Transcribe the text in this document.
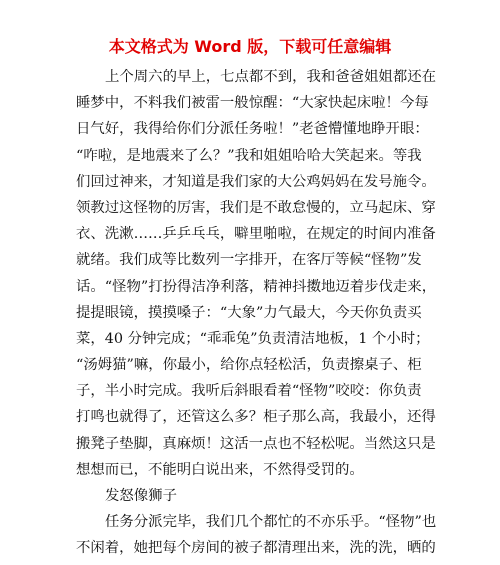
本文格式为 Word 版，下载可任意编辑
上个周六的早上，七点都不到，我和爸爸姐姐都还在
睡梦中，不料我们被雷一般惊醒：“大家快起床啦！今每
日气好，我得给你们分派任务啦！”老爸懵懂地睁开眼：
“咋啦，是地震来了么？”我和姐姐哈哈大笑起来。等我
们回过神来，才知道是我们家的大公鸡妈妈在发号施令。
领教过这怪物的厉害，我们是不敢怠慢的，立马起床、穿
衣、洗漱……乒乒乓乓，噼里啪啦，在规定的时间内准备
就绪。我们成等比数列一字排开，在客厅等候“怪物”发
话。“怪物”打扮得洁净利落，精神抖擞地迈着步伐走来，
提提眼镜，摸摸嗓子：“大象”力气最大，今天你负责买
菜，40 分钟完成；“乖乖兔”负责清洁地板，1 个小时；
“汤姆猫”嘛，你最小，给你点轻松活，负责擦桌子、柜
子，半小时完成。我听后斜眼看着“怪物”咬咬：你负责
打鸣也就得了，还管这么多？柜子那么高，我最小，还得
搬凳子垫脚，真麻烦！这活一点也不轻松呢。当然这只是
想想而已，不能明白说出来，不然得受罚的。
发怒像狮子
任务分派完毕，我们几个都忙的不亦乐乎。“怪物”也
不闲着，她把每个房间的被子都清理出来，洗的洗，晒的
